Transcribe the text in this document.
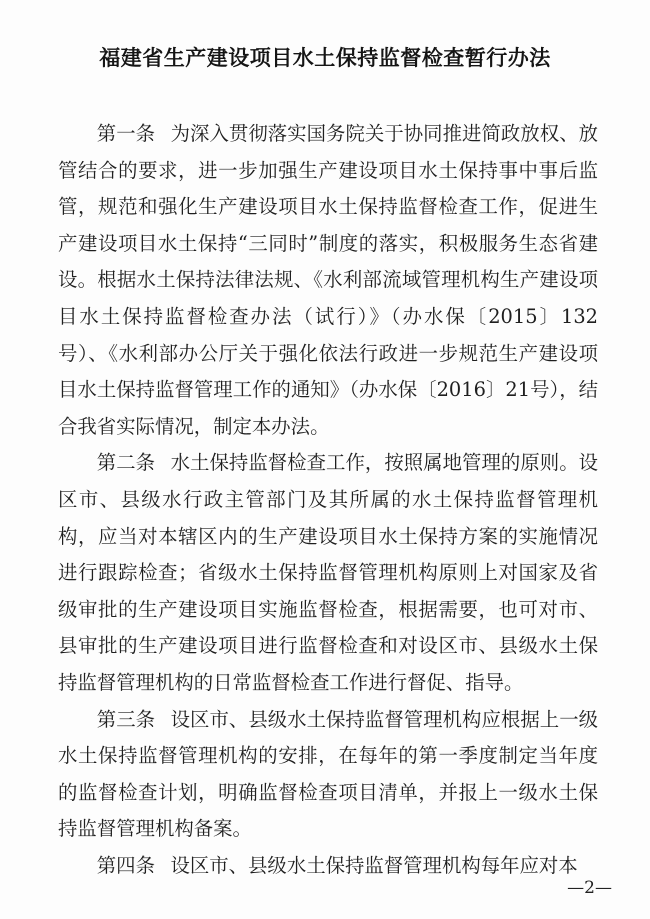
福建省生产建设项目水土保持监督检查暂行办法

第一条 为深入贯彻落实国务院关于协同推进简政放权、放管结合的要求，进一步加强生产建设项目水土保持事中事后监管，规范和强化生产建设项目水土保持监督检查工作，促进生产建设项目水土保持“三同时”制度的落实，积极服务生态省建设。根据水土保持法律法规、《水利部流域管理机构生产建设项目水土保持监督检查办法（试行）》（办水保〔2015〕132号）、《水利部办公厅关于强化依法行政进一步规范生产建设项目水土保持监督管理工作的通知》（办水保〔2016〕21号），结合我省实际情况，制定本办法。

第二条 水土保持监督检查工作，按照属地管理的原则。设区市、县级水行政主管部门及其所属的水土保持监督管理机构，应当对本辖区内的生产建设项目水土保持方案的实施情况进行跟踪检查；省级水土保持监督管理机构原则上对国家及省级审批的生产建设项目实施监督检查，根据需要，也可对市、县审批的生产建设项目进行监督检查和对设区市、县级水土保持监督管理机构的日常监督检查工作进行督促、指导。

第三条 设区市、县级水土保持监督管理机构应根据上一级水土保持监督管理机构的安排，在每年的第一季度制定当年度的监督检查计划，明确监督检查项目清单，并报上一级水土保持监督管理机构备案。

第四条 设区市、县级水土保持监督管理机构每年应对本

—2—
